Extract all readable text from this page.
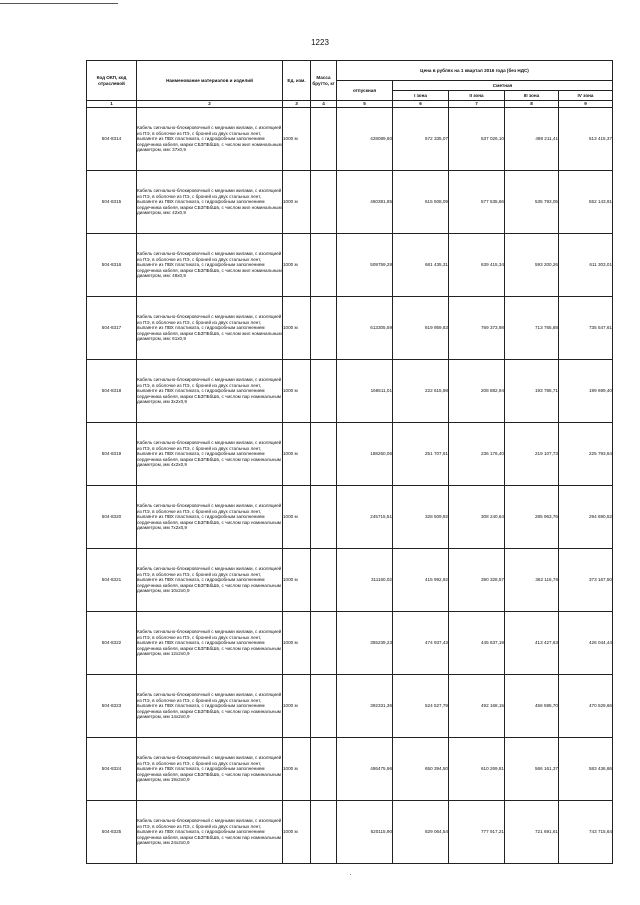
1223
Код ОКП, код отраслевой	Наименование материалов и изделий	Ед. изм.	Масса брутто, кг	Цена в рублях на 1 квартал 2016 года (без НДС)				
				отпускная	Сметная			
					I зона	II зона	III зона	IV зона
1	2	3	4	5	6	7	8	9
504-8314	Кабель сигнально-блокировочный с медными жилами, с изоляцией из ПЭ, в оболочке из ПЭ, с броней из двух стальных лент, выпаянте из ПВХ пластиката, с гидрофобным заполнением сердечника кабеля, марки СБЗПБбШв, с числом жил номинальным диаметром, мм: 37х0,9	1000 м		428089,60	572 335,07	537 026,10	498 211,41	513 415,37
504-8315	Кабель сигнально-блокировочный с медными жилами, с изоляцией из ПЭ, в оболочке из ПЭ, с броней из двух стальных лент, выпаянте из ПВХ пластиката, с гидрофобным заполнением сердечника кабеля, марки СБЗПБбШв, с числом жил номинальным диаметром, мм: 42х0,9	1000 м		460381,85	615 508,09	577 535,66	535 793,05	552 143,91
504-8316	Кабель сигнально-блокировочный с медными жилами, с изоляцией из ПЭ, в оболочке из ПЭ, с броней из двух стальных лент, выпаянте из ПВХ пластиката, с гидрофобным заполнением сердечника кабеля, марки СБЗПБбШв, с числом жил номинальным диаметром, мм: 48х0,9	1000 м		509759,28	681 435,31	639 415,34	593 200,26	611 303,01
504-8317	Кабель сигнально-блокировочный с медными жилами, с изоляцией из ПЭ, в оболочке из ПЭ, с броней из двух стальных лент, выпаянте из ПВХ пластиката, с гидрофобным заполнением сердечника кабеля, марки СБЗПБбШв, с числом жил номинальным диаметром, мм: 61х0,9	1000 м		613305,59	819 959,83	769 373,98	713 765,88	735 547,61
504-8318	Кабель сигнально-блокировочный с медными жилами, с изоляцией из ПЭ, в оболочке из ПЭ, с броней из двух стальных лент, выпаянте из ПВХ пластиката, с гидрофобным заполнением сердечника кабеля, марки СБЗПБбШв, с числом пар номинальным диаметром, мм 3х2х0,9	1000 м		166511,01	222 615,98	208 882,94	193 785,71	199 699,40
504-8319	Кабель сигнально-блокировочный с медными жилами, с изоляцией из ПЭ, в оболочке из ПЭ, с броней из двух стальных лент, выпаянте из ПВХ пластиката, с гидрофобным заполнением сердечника кабеля, марки СБЗПБбШв, с числом пар номинальным диаметром, мм 4х2х0,9	1000 м		188260,06	251 707,61	236 176,40	219 107,73	225 793,64
504-8320	Кабель сигнально-блокировочный с медными жилами, с изоляцией из ПЭ, в оболочке из ПЭ, с броней из двух стальных лент, выпаянте из ПВХ пластиката, с гидрофобным заполнением сердечника кабеля, марки СБЗПБбШв, с числом пар номинальным диаметром, мм 7х2х0,9	1000 м		245715,51	328 509,92	308 240,64	285 963,76	294 690,52
504-8321	Кабель сигнально-блокировочный с медными жилами, с изоляцией из ПЭ, в оболочке из ПЭ, с броней из двух стальных лент, выпаянте из ПВХ пластиката, с гидрофобным заполнением сердечника кабеля, марки СБЗПБбШв, с числом пар номинальным диаметром, мм 10х2х0,9	1000 м		311160,02	415 992,92	390 328,57	362 116,76	373 167,50
504-8322	Кабель сигнально-блокировочный с медными жилами, с изоляцией из ПЭ, в оболочке из ПЭ, с броней из двух стальных лент, выпаянте из ПВХ пластиката, с гидрофобным заполнением сердечника кабеля, марки СБЗПБбШв, с числом пар номинальным диаметром, мм 12х2х0,9	1000 м		355239,23	474 937,43	445 637,19	413 427,63	426 044,44
504-8323	Кабель сигнально-блокировочный с медными жилами, с изоляцией из ПЭ, в оболочке из ПЭ, с броней из двух стальных лент, выпаянте из ПВХ пластиката, с гидрофобным заполнением сердечника кабеля, марки СБЗПБбШв, с числом пар номинальным диаметром, мм 14х2х0,9	1000 м		392331,36	524 527,79	492 168,15	456 595,70	470 529,66
504-8324	Кабель сигнально-блокировочный с медными жилами, с изоляцией из ПЭ, в оболочке из ПЭ, с броней из двух стальных лент, выпаянте из ПВХ пластиката, с гидрофобным заполнением сердечника кабеля, марки СБЗПБбШв, с числом пар номинальным диаметром, мм 19х2х0,9	1000 м		486475,96	650 394,50	610 269,81	566 161,37	583 436,86
504-8325	Кабель сигнально-блокировочный с медными жилами, с изоляцией из ПЭ, в оболочке из ПЭ, с броней из двух стальных лент, выпаянте из ПВХ пластиката, с гидрофобным заполнением сердечника кабеля, марки СБЗПБбШв, с числом пар номинальным диаметром, мм 24х2х0,9	1000 м		620115,90	829 064,54	777 917,21	721 691,61	743 715,64
